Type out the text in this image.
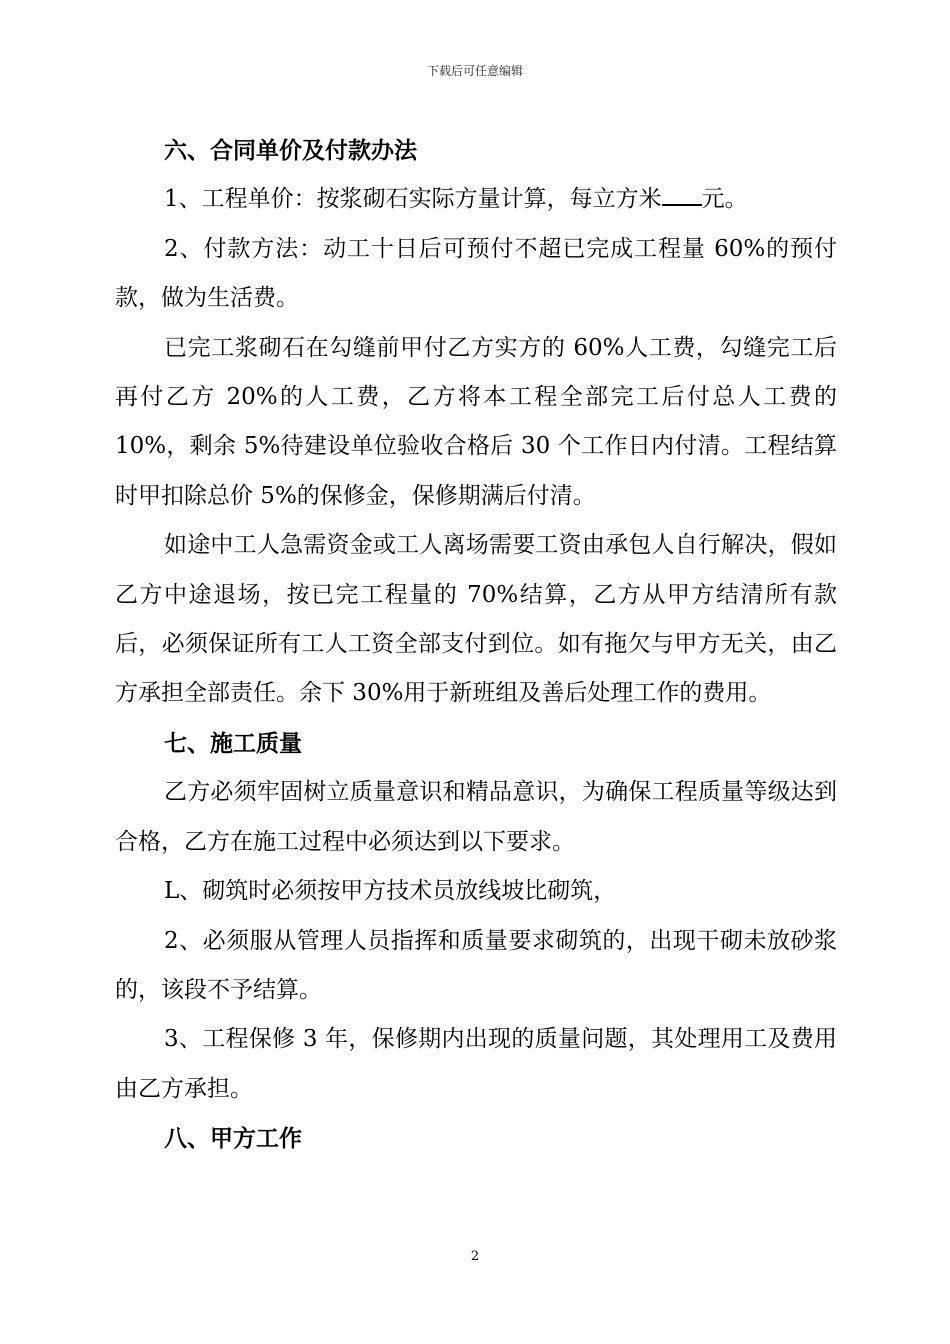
下载后可任意编辑

六、合同单价及付款办法

1、工程单价：按浆砌石实际方量计算，每立方米 元。

2、付款方法：动工十日后可预付不超已完成工程量 60%的预付款，做为生活费。

已完工浆砌石在勾缝前甲付乙方实方的 60%人工费，勾缝完工后再付乙方 20%的人工费，乙方将本工程全部完工后付总人工费的 10%，剩余 5%待建设单位验收合格后 30 个工作日内付清。工程结算时甲扣除总价 5%的保修金，保修期满后付清。

如途中工人急需资金或工人离场需要工资由承包人自行解决，假如乙方中途退场，按已完工程量的 70%结算，乙方从甲方结清所有款后，必须保证所有工人工资全部支付到位。如有拖欠与甲方无关，由乙方承担全部责任。余下 30%用于新班组及善后处理工作的费用。

七、施工质量

乙方必须牢固树立质量意识和精品意识，为确保工程质量等级达到合格，乙方在施工过程中必须达到以下要求。

L、砌筑时必须按甲方技术员放线坡比砌筑，

2、必须服从管理人员指挥和质量要求砌筑的，出现干砌未放砂浆的，该段不予结算。

3、工程保修 3 年，保修期内出现的质量问题，其处理用工及费用由乙方承担。

八、甲方工作

2
